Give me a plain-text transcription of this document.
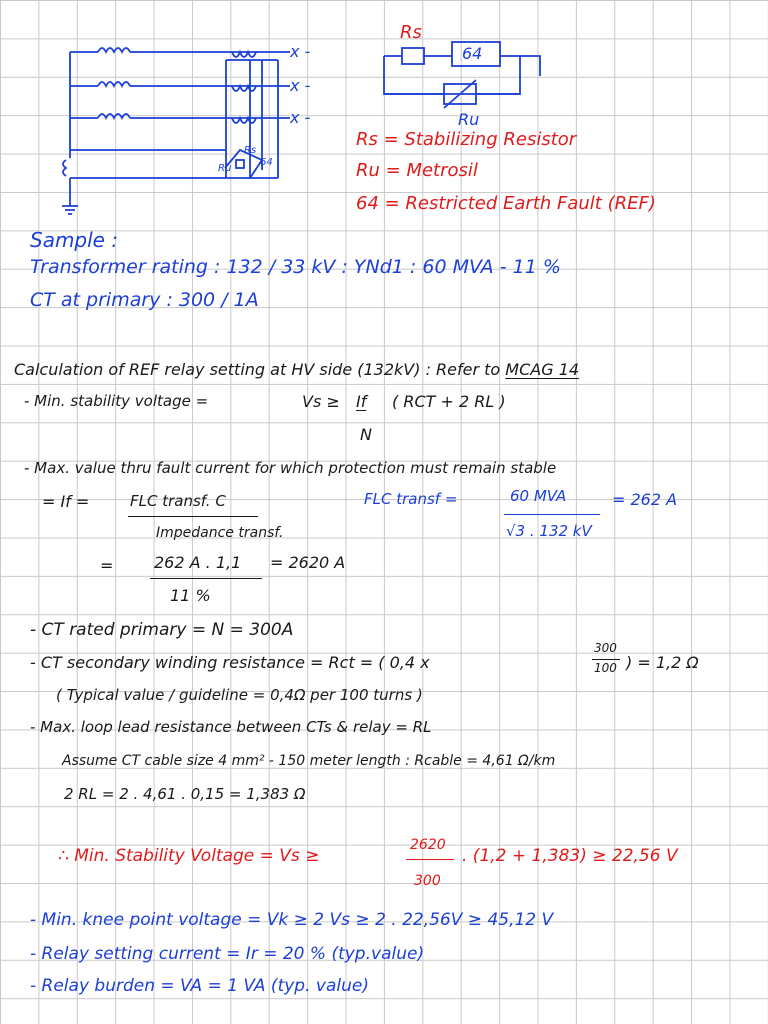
Rs
64
Ru
Rs
64
Ru
x -
x -
x -
Rs = Stabilizing Resistor
Ru = Metrosil
64 = Restricted Earth Fault (REF)
Sample :
Transformer rating : 132 / 33 kV : YNd1 : 60 MVA - 11 %
CT at primary : 300 / 1A
Calculation of REF relay setting at HV side (132kV) : Refer to MCAG 14
- Min. stability voltage =	Vs ≥ If ( RCT + 2 RL )
N
- Max. value thru fault current for which protection must remain stable
= If =	FLC transf. C
Impedance transf.
FLC transf =	60 MVA
√3 . 132 kV
= 262 A
=	262 A . 1,1 = 2620 A
11 %
- CT rated primary = N = 300A
- CT secondary winding resistance = Rct = ( 0,4 x
300
100 ) = 1,2 Ω
( Typical value / guideline = 0,4Ω per 100 turns )
- Max. loop lead resistance between CTs & relay = RL
Assume CT cable size 4 mm² - 150 meter length : Rcable = 4,61 Ω/km
2 RL = 2 . 4,61 . 0,15 = 1,383 Ω
∴ Min. Stability Voltage = Vs ≥
2620
300
. (1,2 + 1,383) ≥ 22,56 V
- Min. knee point voltage = Vk ≥ 2 Vs ≥ 2 . 22,56V ≥ 45,12 V
- Relay setting current = Ir = 20 % (typ.value)
- Relay burden = VA = 1 VA (typ. value)
